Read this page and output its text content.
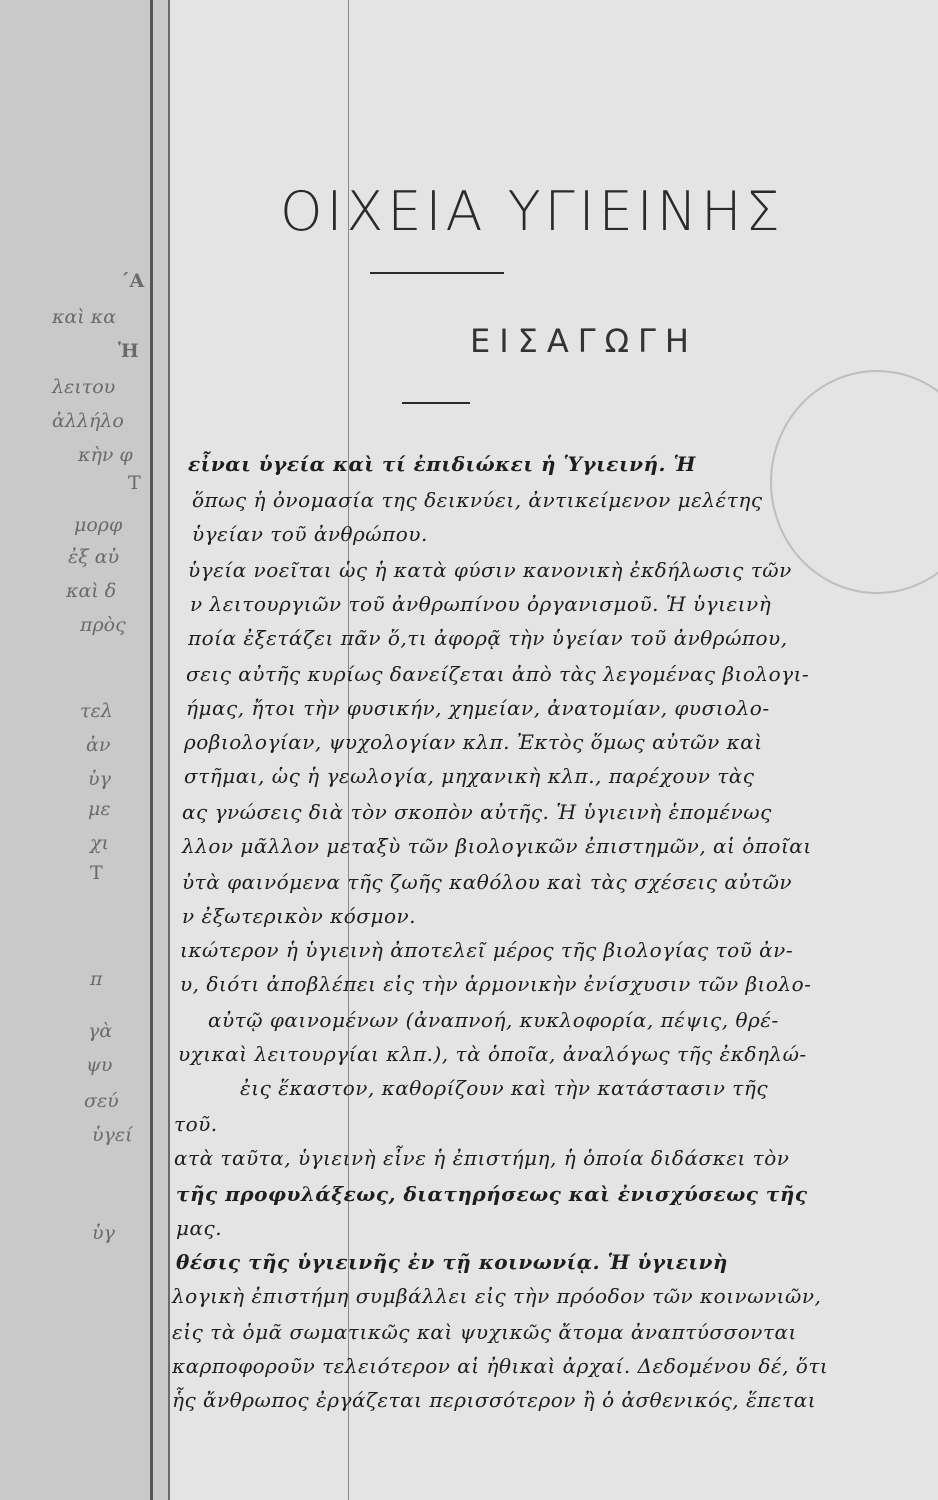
΄Α
καὶ κα
Ἡ
λειτου
ἀλλήλο
κὴν φ
Τ
μορφ
ἐξ αὐ
καὶ δ
πρὸς
τελ
ἀν
ὑγ
με
χι
Τ
π
γὰ
ψυ
σεύ
ὑγεί
ὑγ
ΟΙΧΕΙΑ ΥΓΙΕΙΝΗΣ
ΕΙΣΑΓΩΓΗ
εἶναι ὑγεία καὶ τί ἐπιδιώκει ἡ Ὑγιεινή. Ἡ
ὅπως ἡ ὀνομασία της δεικνύει, ἀντικείμενον μελέτης
ὑγείαν τοῦ ἀνθρώπου.
ὑγεία νοεῖται ὡς ἡ κατὰ φύσιν κανονικὴ ἐκδήλωσις τῶν
ν λειτουργιῶν τοῦ ἀνθρωπίνου ὀργανισμοῦ. Ἡ ὑγιεινὴ
ποία ἐξετάζει πᾶν ὅ,τι ἀφορᾷ τὴν ὑγείαν τοῦ ἀνθρώπου,
σεις αὐτῆς κυρίως δανείζεται ἀπὸ τὰς λεγομένας βιολογι-
ήμας, ἤτοι τὴν φυσικήν, χημείαν, ἀνατομίαν, φυσιολο-
ροβιολογίαν, ψυχολογίαν κλπ. Ἐκτὸς ὅμως αὐτῶν καὶ
στῆμαι, ὡς ἡ γεωλογία, μηχανικὴ κλπ., παρέχουν τὰς
ας γνώσεις διὰ τὸν σκοπὸν αὐτῆς. Ἡ ὑγιεινὴ ἑπομένως
λλον μᾶλλον μεταξὺ τῶν βιολογικῶν ἐπιστημῶν, αἱ ὁποῖαι
ὐτὰ φαινόμενα τῆς ζωῆς καθόλου καὶ τὰς σχέσεις αὐτῶν
ν ἐξωτερικὸν κόσμον.
ικώτερον ἡ ὑγιεινὴ ἀποτελεῖ μέρος τῆς βιολογίας τοῦ ἀν-
υ, διότι ἀποβλέπει εἰς τὴν ἁρμονικὴν ἐνίσχυσιν τῶν βιολο-
αὐτῷ φαινομένων (ἀναπνοή, κυκλοφορία, πέψις, θρέ-
υχικαὶ λειτουργίαι κλπ.), τὰ ὁποῖα, ἀναλόγως τῆς ἐκδηλώ-
ἐις ἕκαστον, καθορίζουν καὶ τὴν κατάστασιν τῆς
τοῦ.
ατὰ ταῦτα, ὑγιεινὴ εἶνε ἡ ἐπιστήμη, ἡ ὁποία διδάσκει τὸν
τῆς προφυλάξεως, διατηρήσεως καὶ ἐνισχύσεως τῆς
μας.
θέσις τῆς ὑγιεινῆς ἐν τῇ κοινωνίᾳ. Ἡ ὑγιεινὴ
λογικὴ ἐπιστήμη συμβάλλει εἰς τὴν πρόοδον τῶν κοινωνιῶν,
εἰς τὰ ὁμᾶ σωματικῶς καὶ ψυχικῶς ἄτομα ἀναπτύσσονται
καρποφοροῦν τελειότερον αἱ ἠθικαὶ ἀρχαί. Δεδομένου δέ, ὅτι
ἧς ἄνθρωπος ἐργάζεται περισσότερον ἢ ὁ ἀσθενικός, ἕπεται
